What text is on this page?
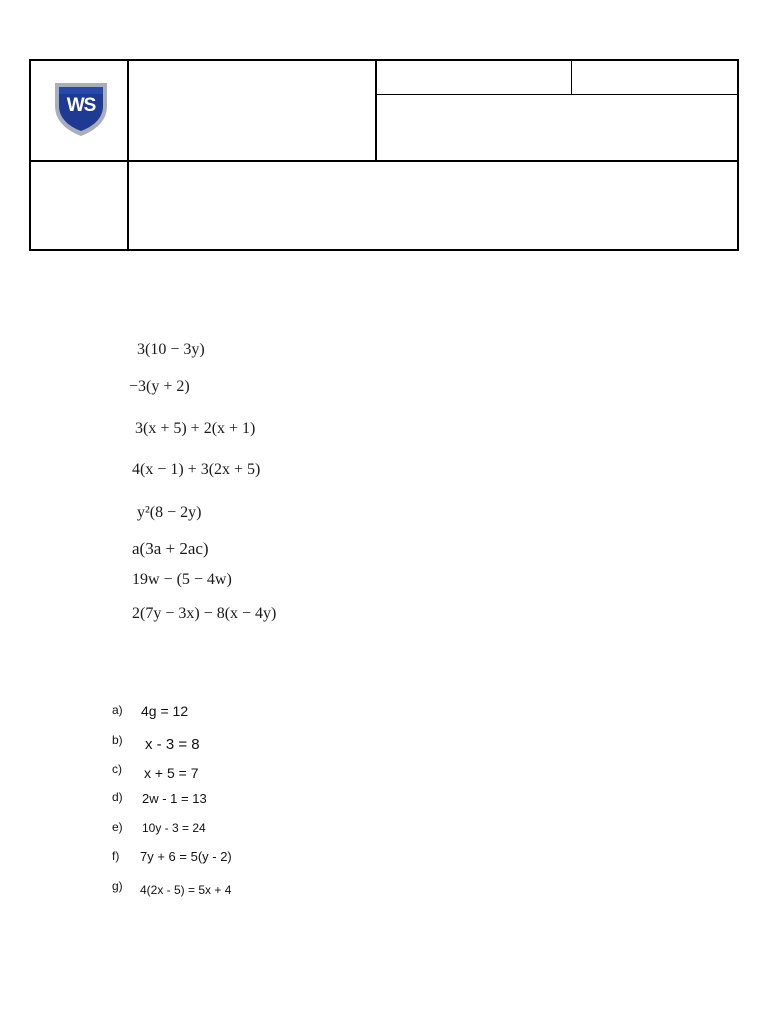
WS
3(10 − 3y)
−3(y + 2)
3(x + 5) + 2(x + 1)
4(x − 1) + 3(2x + 5)
y²(8 − 2y)
a(3a + 2ac)
19w − (5 − 4w)
2(7y − 3x) − 8(x − 4y)
a) 4g = 12
b) x - 3 = 8
c) x + 5 = 7
d) 2w - 1 = 13
e) 10y - 3 = 24
f) 7y + 6 = 5(y - 2)
g) 4(2x - 5) = 5x + 4
